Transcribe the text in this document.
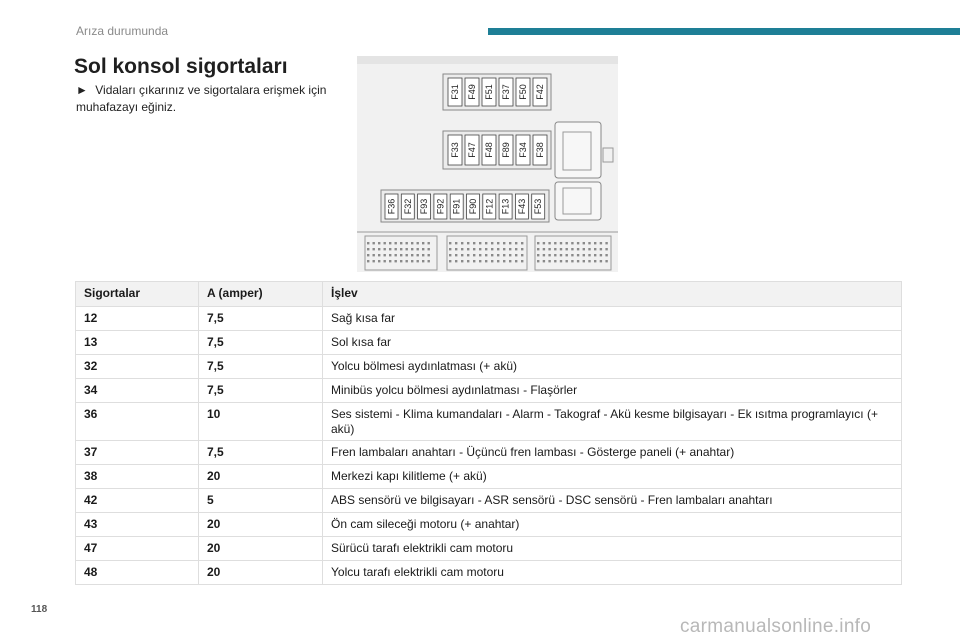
Arıza durumunda
Sol konsol sigortaları
► Vidaları çıkarınız ve sigortalara erişmek için muhafazayı eğiniz.
F31 F49 F51 F37 F50 F42
F33 F47 F48 F89 F34 F38
F36 F32 F93 F92 F91 F90 F12 F13 F43 F53
Sigortalar	A (amper)	İşlev
12	7,5	Sağ kısa far
13	7,5	Sol kısa far
32	7,5	Yolcu bölmesi aydınlatması (+ akü)
34	7,5	Minibüs yolcu bölmesi aydınlatması - Flaşörler
36	10	Ses sistemi - Klima kumandaları - Alarm - Takograf - Akü kesme bilgisayarı - Ek ısıtma programlayıcı (+ akü)
37	7,5	Fren lambaları anahtarı - Üçüncü fren lambası - Gösterge paneli (+ anahtar)
38	20	Merkezi kapı kilitleme (+ akü)
42	5	ABS sensörü ve bilgisayarı - ASR sensörü - DSC sensörü - Fren lambaları anahtarı
43	20	Ön cam sileceği motoru (+ anahtar)
47	20	Sürücü tarafı elektrikli cam motoru
48	20	Yolcu tarafı elektrikli cam motoru
118
carmanualsonline.info
